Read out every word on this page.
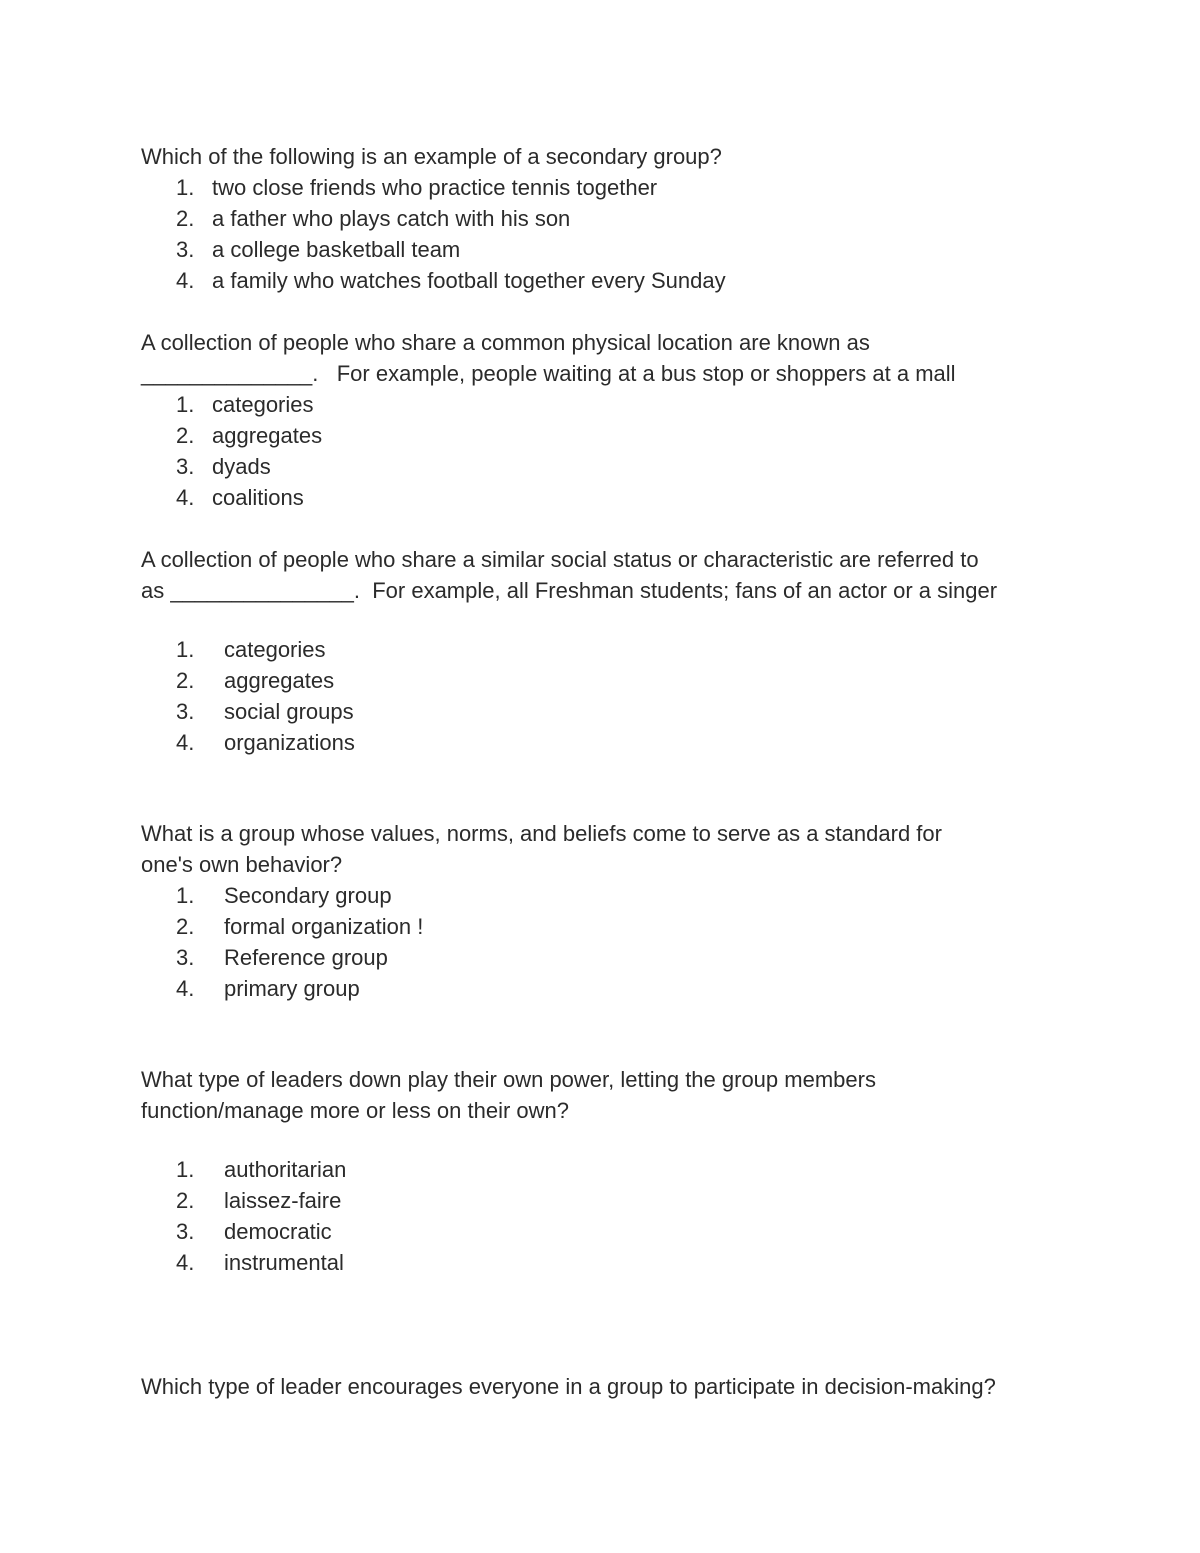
Which of the following is an example of a secondary group?

1. two close friends who practice tennis together
2. a father who plays catch with his son
3. a college basketball team
4. a family who watches football together every Sunday

A collection of people who share a common physical location are known as
______________.   For example, people waiting at a bus stop or shoppers at a mall

1. categories
2. aggregates
3. dyads
4. coalitions

A collection of people who share a similar social status or characteristic are referred to
as _______________.  For example, all Freshman students; fans of an actor or a singer

1.	categories
2.	aggregates
3.	social groups
4.	organizations

What is a group whose values, norms, and beliefs come to serve as a standard for
one's own behavior?

1.	Secondary group
2.	formal organization !
3.	Reference group
4.	primary group

What type of leaders down play their own power, letting the group members
function/manage more or less on their own?

1.	authoritarian
2.	laissez-faire
3.	democratic
4.	instrumental

Which type of leader encourages everyone in a group to participate in decision-making?
